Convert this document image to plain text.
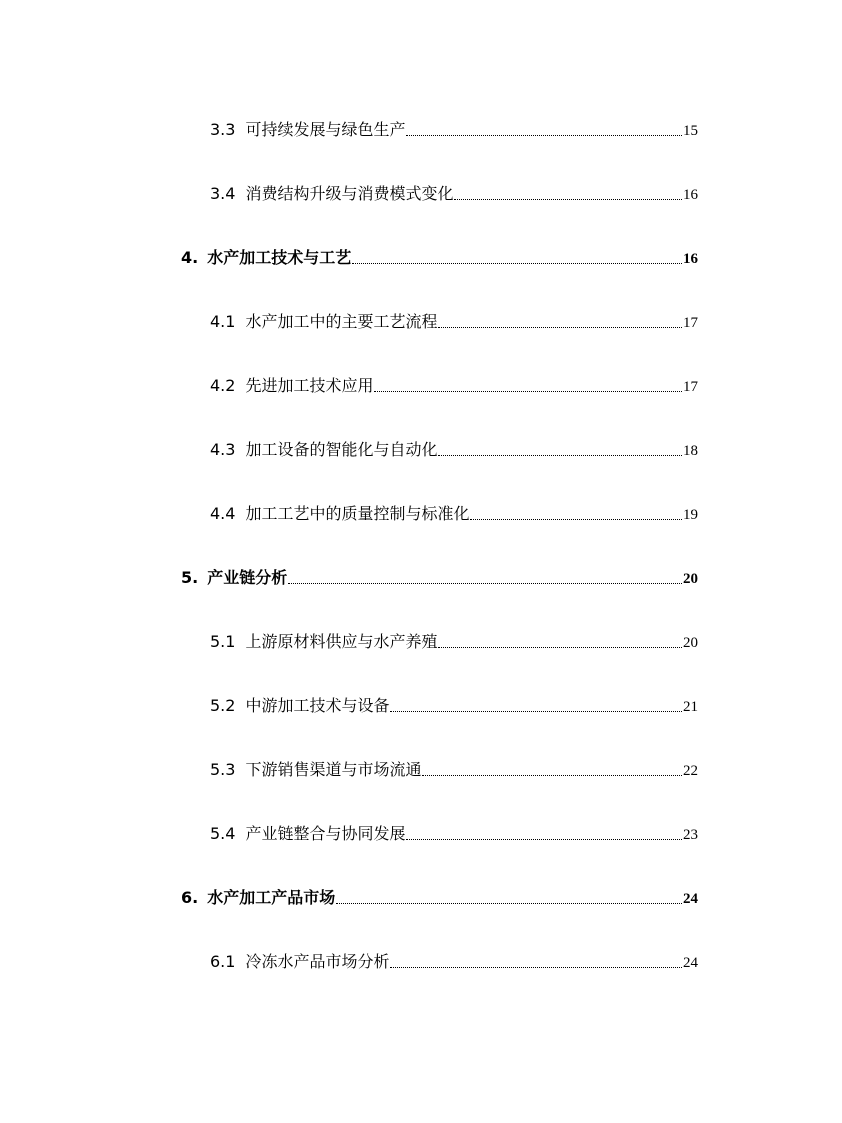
3.3 可持续发展与绿色生产	15
3.4 消费结构升级与消费模式变化	16
4. 水产加工技术与工艺	16
4.1 水产加工中的主要工艺流程	17
4.2 先进加工技术应用	17
4.3 加工设备的智能化与自动化	18
4.4 加工工艺中的质量控制与标准化	19
5. 产业链分析	20
5.1 上游原材料供应与水产养殖	20
5.2 中游加工技术与设备	21
5.3 下游销售渠道与市场流通	22
5.4 产业链整合与协同发展	23
6. 水产加工产品市场	24
6.1 冷冻水产品市场分析	24
